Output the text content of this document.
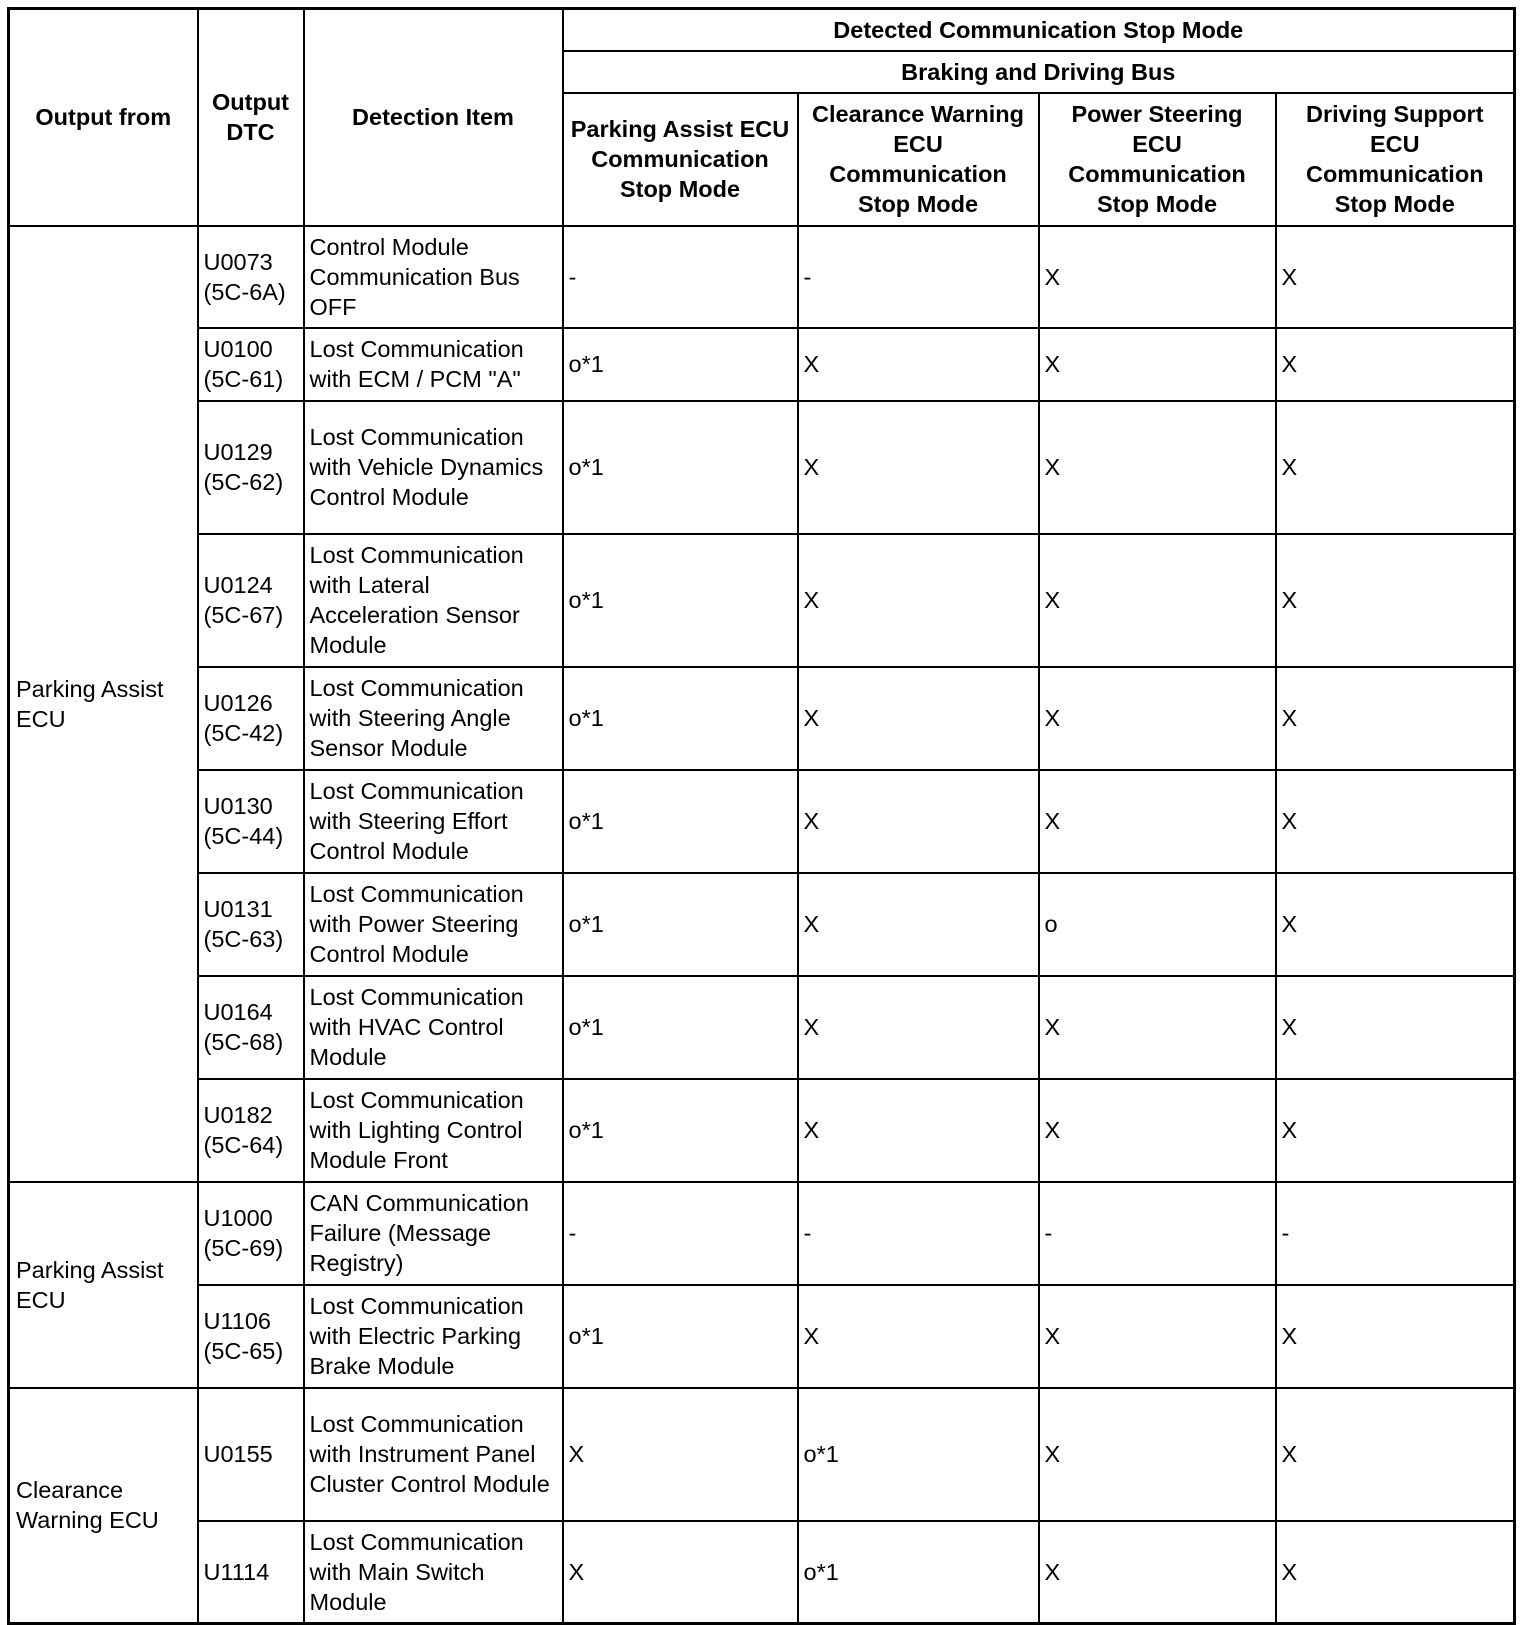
Output from	Output DTC	Detection Item	Detected Communication Stop Mode			
			Braking and Driving Bus			
			Parking Assist ECU Communication Stop Mode	Clearance Warning ECU Communication Stop Mode	Power Steering ECU Communication Stop Mode	Driving Support ECU Communication Stop Mode
Parking Assist ECU	U0073 (5C-6A)	Control Module Communication Bus OFF	-	-	X	X
	U0100 (5C-61)	Lost Communication with ECM / PCM "A"	o*1	X	X	X
	U0129 (5C-62)	Lost Communication with Vehicle Dynamics Control Module	o*1	X	X	X
	U0124 (5C-67)	Lost Communication with Lateral Acceleration Sensor Module	o*1	X	X	X
	U0126 (5C-42)	Lost Communication with Steering Angle Sensor Module	o*1	X	X	X
	U0130 (5C-44)	Lost Communication with Steering Effort Control Module	o*1	X	X	X
	U0131 (5C-63)	Lost Communication with Power Steering Control Module	o*1	X	o	X
	U0164 (5C-68)	Lost Communication with HVAC Control Module	o*1	X	X	X
	U0182 (5C-64)	Lost Communication with Lighting Control Module Front	o*1	X	X	X
Parking Assist ECU	U1000 (5C-69)	CAN Communication Failure (Message Registry)	-	-	-	-
	U1106 (5C-65)	Lost Communication with Electric Parking Brake Module	o*1	X	X	X
Clearance Warning ECU	U0155	Lost Communication with Instrument Panel Cluster Control Module	X	o*1	X	X
	U1114	Lost Communication with Main Switch Module	X	o*1	X	X
